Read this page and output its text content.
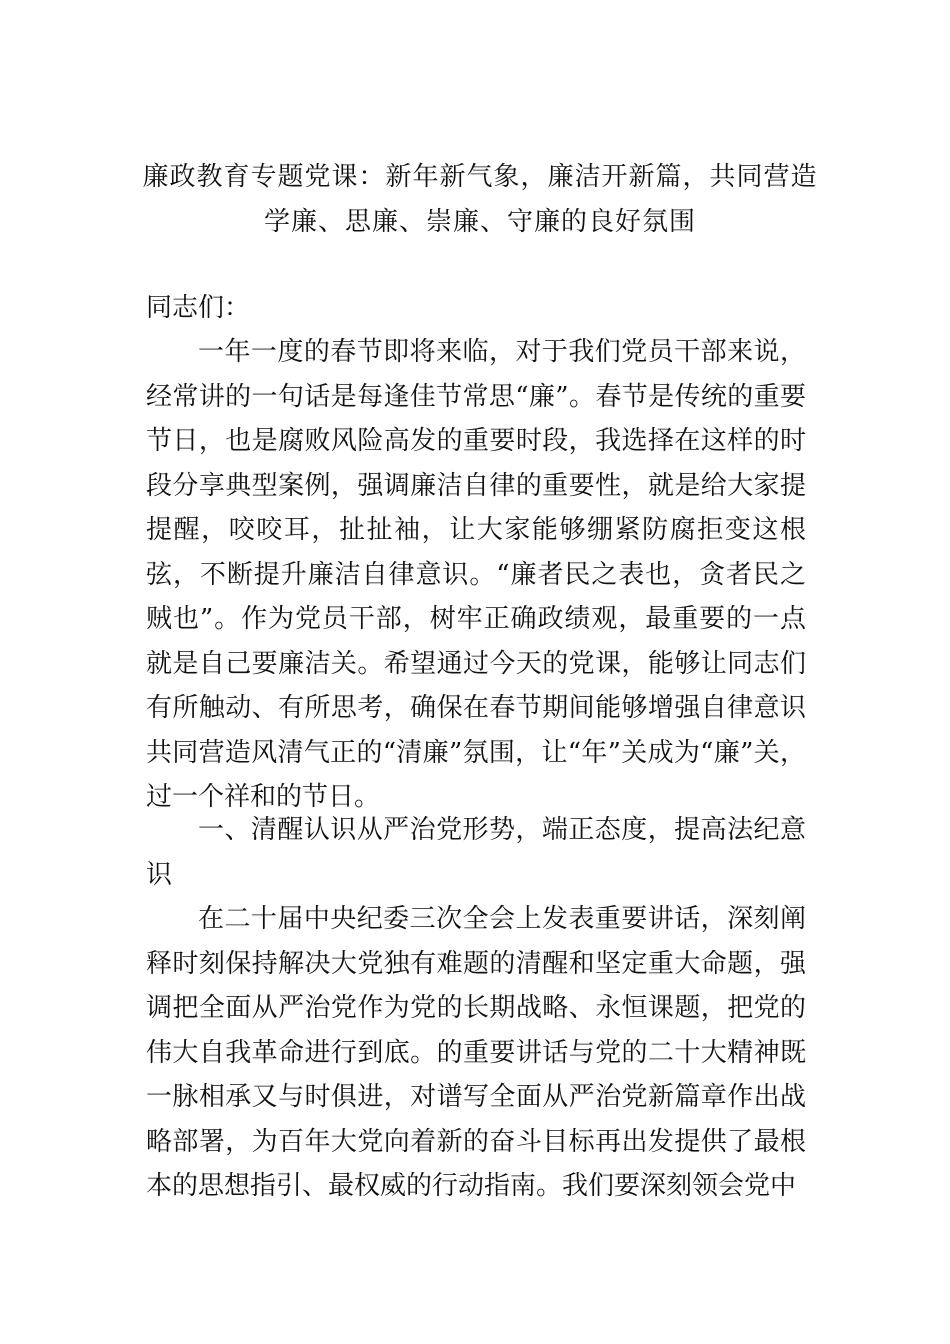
廉政教育专题党课：新年新气象，廉洁开新篇，共同营造
学廉、思廉、崇廉、守廉的良好氛围

同志们：

一年一度的春节即将来临，对于我们党员干部来说，经常讲的一句话是每逢佳节常思“廉”。春节是传统的重要节日，也是腐败风险高发的重要时段，我选择在这样的时段分享典型案例，强调廉洁自律的重要性，就是给大家提提醒，咬咬耳，扯扯袖，让大家能够绷紧防腐拒变这根弦，不断提升廉洁自律意识。“廉者民之表也，贪者民之贼也”。作为党员干部，树牢正确政绩观，最重要的一点就是自己要廉洁关。希望通过今天的党课，能够让同志们有所触动、有所思考，确保在春节期间能够增强自律意识共同营造风清气正的“清廉”氛围，让“年”关成为“廉”关，过一个祥和的节日。

一、清醒认识从严治党形势，端正态度，提高法纪意识

在二十届中央纪委三次全会上发表重要讲话，深刻阐释时刻保持解决大党独有难题的清醒和坚定重大命题，强调把全面从严治党作为党的长期战略、永恒课题，把党的伟大自我革命进行到底。的重要讲话与党的二十大精神既一脉相承又与时俱进，对谱写全面从严治党新篇章作出战略部署，为百年大党向着新的奋斗目标再出发提供了最根本的思想指引、最权威的行动指南。我们要深刻领会党中
